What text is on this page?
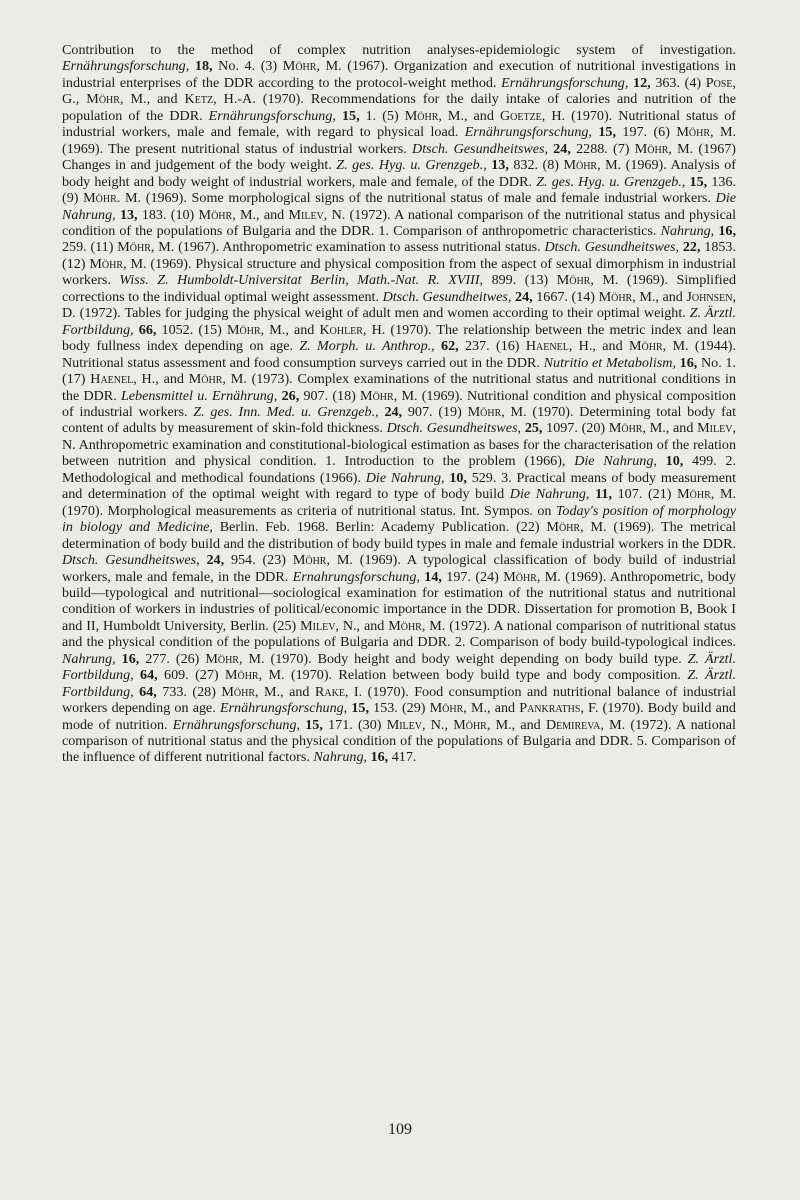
Contribution to the method of complex nutrition analyses-epidemiologic system of investigation. Ernährungsforschung, 18, No. 4. (3) Möhr, M. (1967). Organization and execution of nutritional investigations in industrial enterprises of the DDR according to the protocol-weight method. Ernährungsforschung, 12, 363. (4) Pose, G., Möhr, M., and Ketz, H.-A. (1970). Recommendations for the daily intake of calories and nutrition of the population of the DDR. Ernährungsforschung, 15, 1. (5) Möhr, M., and Goetze, H. (1970). Nutritional status of industrial workers, male and female, with regard to physical load. Ernährungsforschung, 15, 197. (6) Möhr, M. (1969). The present nutritional status of industrial workers. Dtsch. Gesundheitswes, 24, 2288. (7) Möhr, M. (1967) Changes in and judgement of the body weight. Z. ges. Hyg. u. Grenzgeb., 13, 832. (8) Möhr, M. (1969). Analysis of body height and body weight of industrial workers, male and female, of the DDR. Z. ges. Hyg. u. Grenzgeb., 15, 136. (9) Möhr. M. (1969). Some morphological signs of the nutritional status of male and female industrial workers. Die Nahrung, 13, 183. (10) Möhr, M., and Milev, N. (1972). A national comparison of the nutritional status and physical condition of the populations of Bulgaria and the DDR. 1. Comparison of anthropometric characteristics. Nahrung, 16, 259. (11) Möhr, M. (1967). Anthropometric examination to assess nutritional status. Dtsch. Gesundheitswes, 22, 1853. (12) Möhr, M. (1969). Physical structure and physical composition from the aspect of sexual dimorphism in industrial workers. Wiss. Z. Humboldt-Universitat Berlin, Math.-Nat. R. XVIII, 899. (13) Möhr, M. (1969). Simplified corrections to the individual optimal weight assessment. Dtsch. Gesundheitwes, 24, 1667. (14) Möhr, M., and Johnsen, D. (1972). Tables for judging the physical weight of adult men and women according to their optimal weight. Z. Ärztl. Fortbildung, 66, 1052. (15) Möhr, M., and Kohler, H. (1970). The relationship between the metric index and lean body fullness index depending on age. Z. Morph. u. Anthrop., 62, 237. (16) Haenel, H., and Möhr, M. (1944). Nutritional status assessment and food consumption surveys carried out in the DDR. Nutritio et Metabolism, 16, No. 1. (17) Haenel, H., and Möhr, M. (1973). Complex examinations of the nutritional status and nutritional conditions in the DDR. Lebensmittel u. Ernährung, 26, 907. (18) Möhr, M. (1969). Nutritional condition and physical composition of industrial workers. Z. ges. Inn. Med. u. Grenzgeb., 24, 907. (19) Möhr, M. (1970). Determining total body fat content of adults by measurement of skin-fold thickness. Dtsch. Gesundheitswes, 25, 1097. (20) Möhr, M., and Milev, N. Anthropometric examination and constitutional-biological estimation as bases for the characterisation of the relation between nutrition and physical condition. 1. Introduction to the problem (1966), Die Nahrung, 10, 499. 2. Methodological and methodical foundations (1966). Die Nahrung, 10, 529. 3. Practical means of body measurement and determination of the optimal weight with regard to type of body build Die Nahrung, 11, 107. (21) Möhr, M. (1970). Morphological measurements as criteria of nutritional status. Int. Sympos. on Today's position of morphology in biology and Medicine, Berlin. Feb. 1968. Berlin: Academy Publication. (22) Möhr, M. (1969). The metrical determination of body build and the distribution of body build types in male and female industrial workers in the DDR. Dtsch. Gesundheitswes, 24, 954. (23) Möhr, M. (1969). A typological classification of body build of industrial workers, male and female, in the DDR. Ernahrungsforschung, 14, 197. (24) Möhr, M. (1969). Anthropometric, body build—typological and nutritional—sociological examination for estimation of the nutritional status and nutritional condition of workers in industries of political/economic importance in the DDR. Dissertation for promotion B, Book I and II, Humboldt University, Berlin. (25) Milev, N., and Möhr, M. (1972). A national comparison of nutritional status and the physical condition of the populations of Bulgaria and DDR. 2. Comparison of body build-typological indices. Nahrung, 16, 277. (26) Möhr, M. (1970). Body height and body weight depending on body build type. Z. Ärztl. Fortbildung, 64, 609. (27) Möhr, M. (1970). Relation between body build type and body composition. Z. Ärztl. Fortbildung, 64, 733. (28) Möhr, M., and Rake, I. (1970). Food consumption and nutritional balance of industrial workers depending on age. Ernährungsforschung, 15, 153. (29) Möhr, M., and Pankraths, F. (1970). Body build and mode of nutrition. Ernährungsforschung, 15, 171. (30) Milev, N., Möhr, M., and Demireva, M. (1972). A national comparison of nutritional status and the physical condition of the populations of Bulgaria and DDR. 5. Comparison of the influence of different nutritional factors. Nahrung, 16, 417.

109
